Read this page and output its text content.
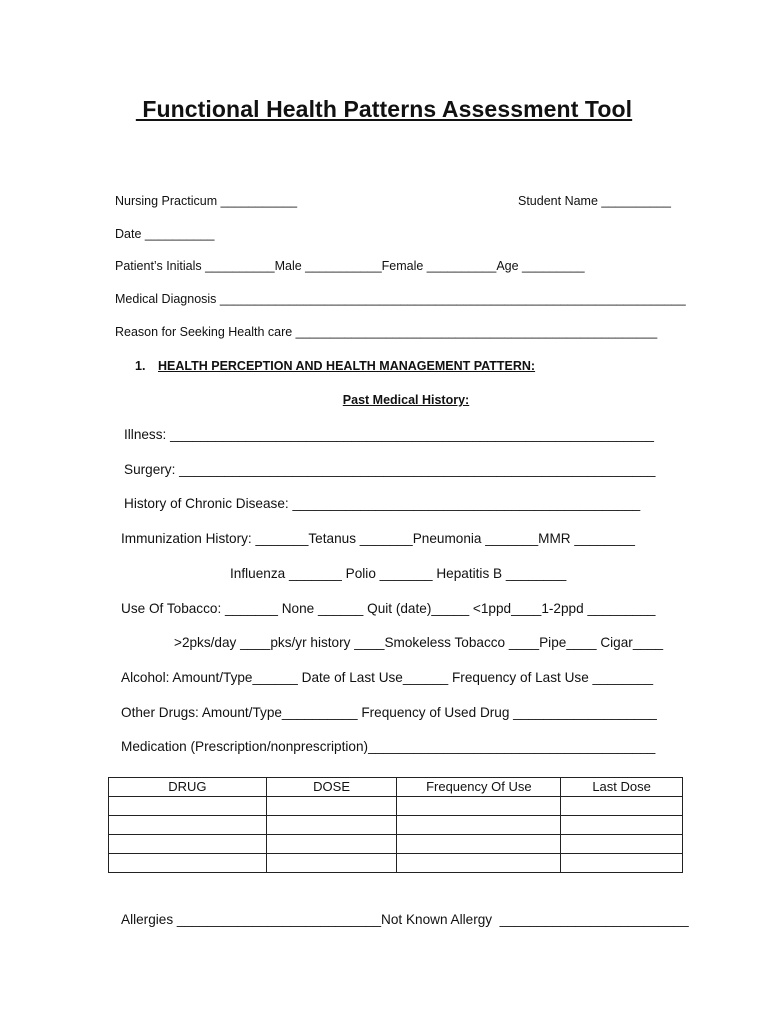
Functional Health Patterns Assessment Tool
Nursing Practicum ___________	Student Name __________
Date __________
Patient’s Initials __________Male ___________Female __________Age _________
Medical Diagnosis ___________________________________________________________________
Reason for Seeking Health care ____________________________________________________
1. HEALTH PERCEPTION AND HEALTH MANAGEMENT PATTERN:
Past Medical History:
Illness: ________________________________________________________________
Surgery: _______________________________________________________________
History of Chronic Disease: ______________________________________________
Immunization History: _______Tetanus _______Pneumonia _______MMR ________
Influenza _______ Polio _______ Hepatitis B ________
Use Of Tobacco: _______ None ______ Quit (date)_____ <1ppd____1-2ppd _________
>2pks/day ____pks/yr history ____Smokeless Tobacco ____Pipe____ Cigar____
Alcohol: Amount/Type______ Date of Last Use______ Frequency of Last Use ________
Other Drugs: Amount/Type__________ Frequency of Used Drug ___________________
Medication (Prescription/nonprescription)______________________________________
DRUG	DOSE	Frequency Of Use	Last Dose

Allergies ___________________________Not Known Allergy  _________________________
